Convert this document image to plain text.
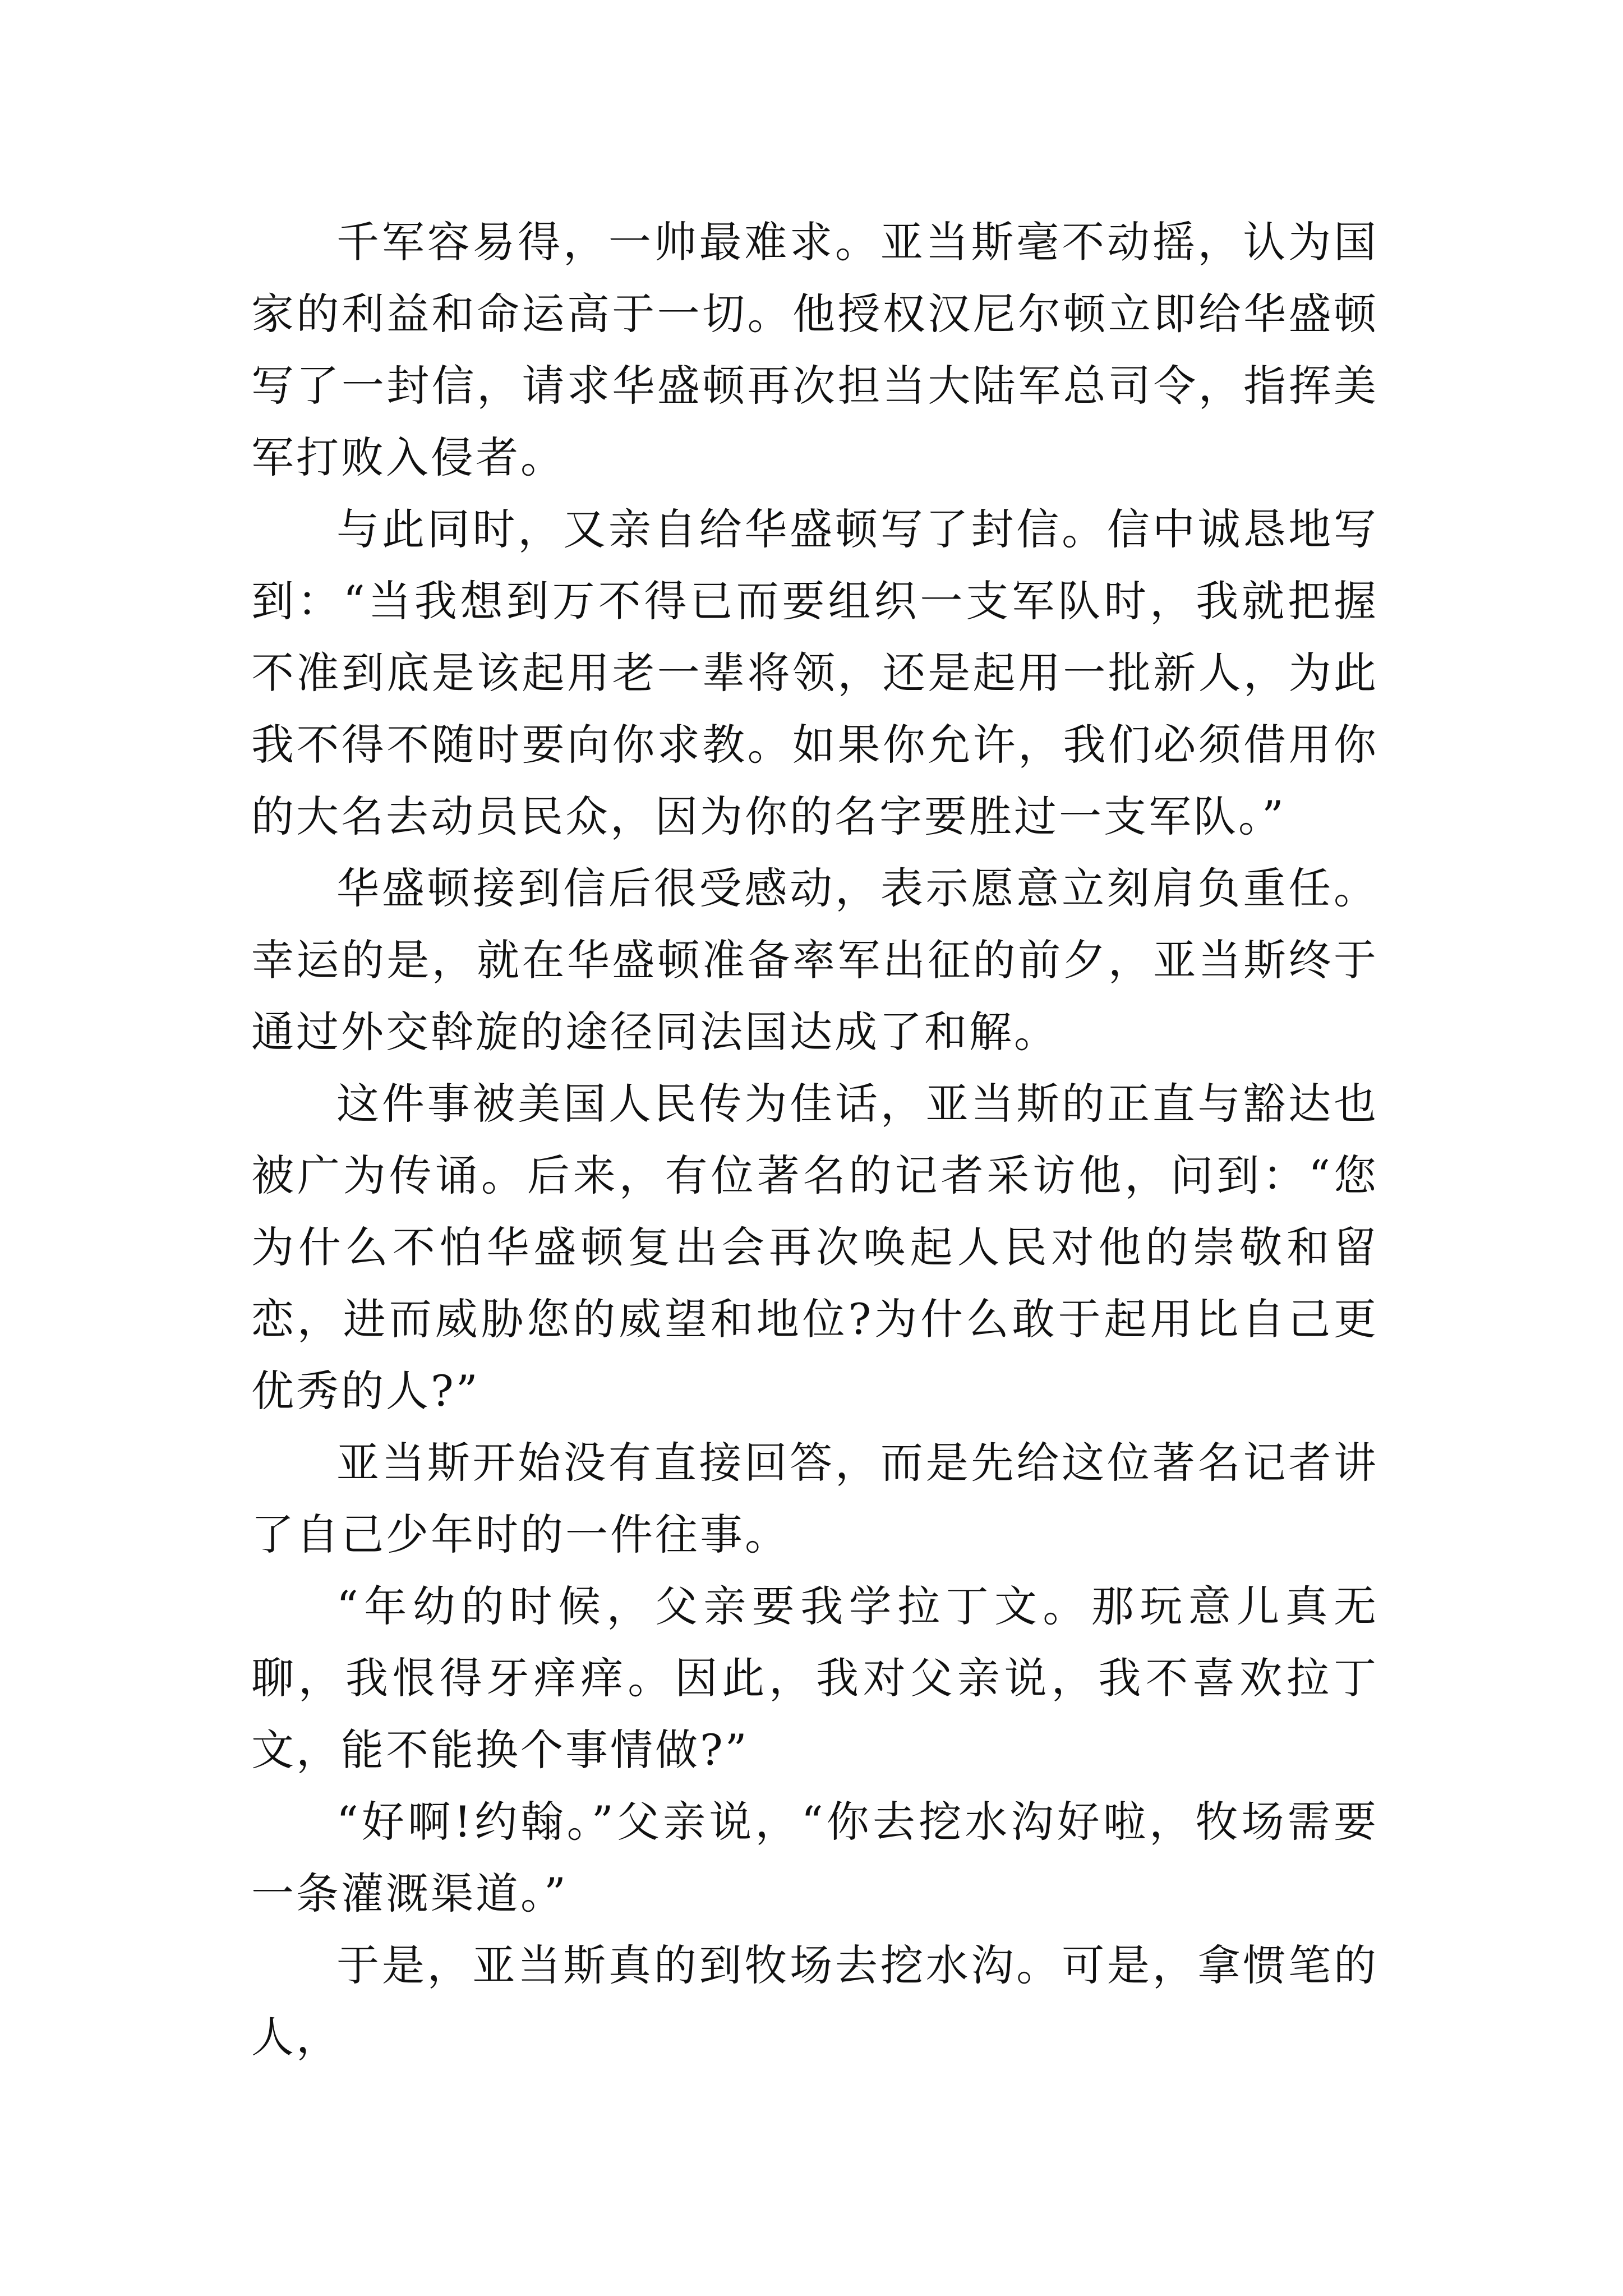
千军容易得，一帅最难求。亚当斯毫不动摇，认为国家的利益和命运高于一切。他授权汉尼尔顿立即给华盛顿写了一封信，请求华盛顿再次担当大陆军总司令，指挥美军打败入侵者。

与此同时，又亲自给华盛顿写了封信。信中诚恳地写到：“当我想到万不得已而要组织一支军队时，我就把握不准到底是该起用老一辈将领，还是起用一批新人，为此我不得不随时要向你求教。如果你允许，我们必须借用你的大名去动员民众，因为你的名字要胜过一支军队。”

华盛顿接到信后很受感动，表示愿意立刻肩负重任。幸运的是，就在华盛顿准备率军出征的前夕，亚当斯终于通过外交斡旋的途径同法国达成了和解。

这件事被美国人民传为佳话，亚当斯的正直与豁达也被广为传诵。后来，有位著名的记者采访他，问到：“您为什么不怕华盛顿复出会再次唤起人民对他的崇敬和留恋，进而威胁您的威望和地位?为什么敢于起用比自己更优秀的人?”

亚当斯开始没有直接回答，而是先给这位著名记者讲了自己少年时的一件往事。

“年幼的时候，父亲要我学拉丁文。那玩意儿真无聊，我恨得牙痒痒。因此，我对父亲说，我不喜欢拉丁文，能不能换个事情做?”

“好啊!约翰。”父亲说，“你去挖水沟好啦，牧场需要一条灌溉渠道。”

于是，亚当斯真的到牧场去挖水沟。可是，拿惯笔的人，
